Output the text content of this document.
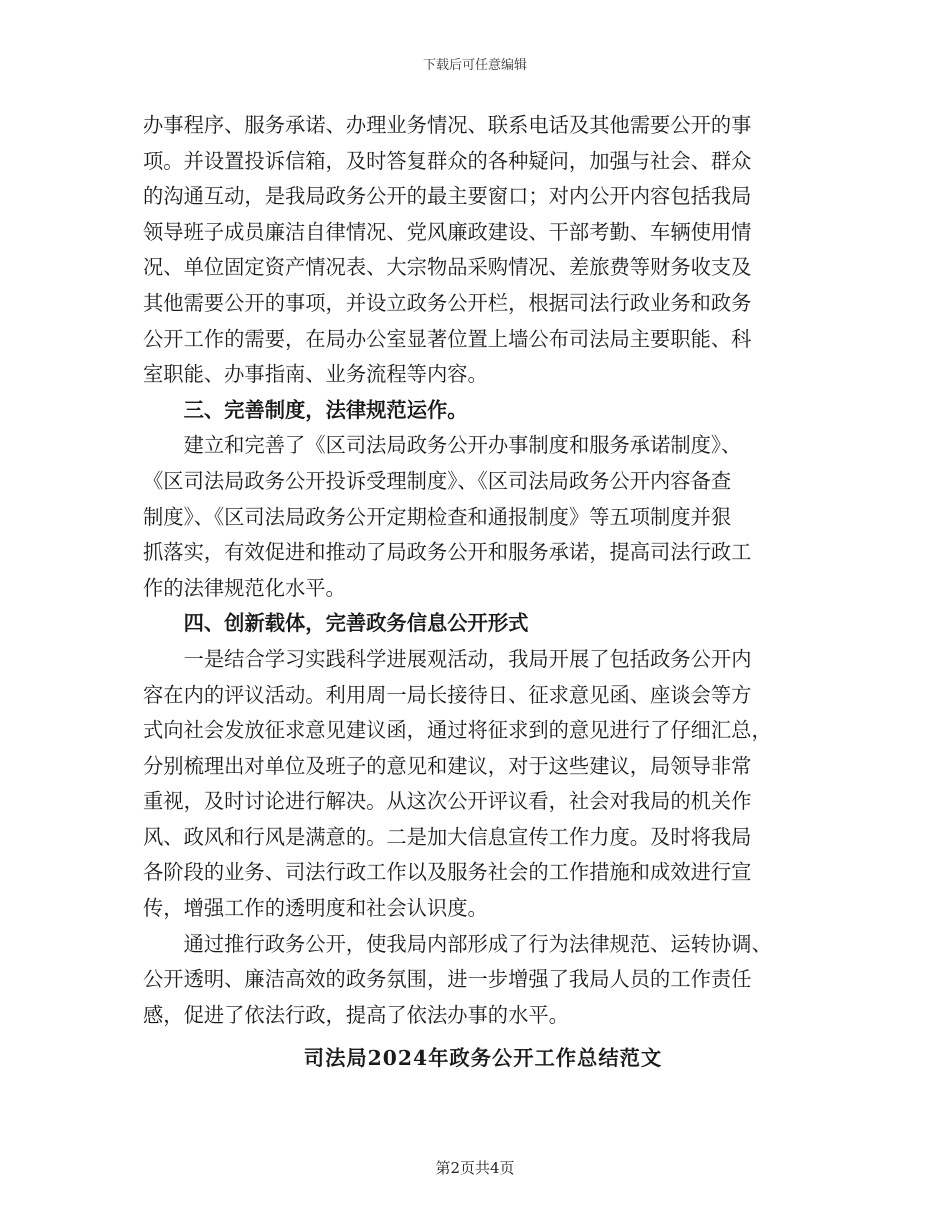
下载后可任意编辑
办事程序、服务承诺、办理业务情况、联系电话及其他需要公开的事
项。并设置投诉信箱，及时答复群众的各种疑问，加强与社会、群众
的沟通互动，是我局政务公开的最主要窗口；对内公开内容包括我局
领导班子成员廉洁自律情况、党风廉政建设、干部考勤、车辆使用情
况、单位固定资产情况表、大宗物品采购情况、差旅费等财务收支及
其他需要公开的事项，并设立政务公开栏，根据司法行政业务和政务
公开工作的需要，在局办公室显著位置上墙公布司法局主要职能、科
室职能、办事指南、业务流程等内容。
三、完善制度，法律规范运作。
建立和完善了《区司法局政务公开办事制度和服务承诺制度》、
《区司法局政务公开投诉受理制度》、《区司法局政务公开内容备查
制度》、《区司法局政务公开定期检查和通报制度》等五项制度并狠
抓落实，有效促进和推动了局政务公开和服务承诺，提高司法行政工
作的法律规范化水平。
四、创新载体，完善政务信息公开形式
一是结合学习实践科学进展观活动，我局开展了包括政务公开内
容在内的评议活动。利用周一局长接待日、征求意见函、座谈会等方
式向社会发放征求意见建议函，通过将征求到的意见进行了仔细汇总，
分别梳理出对单位及班子的意见和建议，对于这些建议，局领导非常
重视，及时讨论进行解决。从这次公开评议看，社会对我局的机关作
风、政风和行风是满意的。二是加大信息宣传工作力度。及时将我局
各阶段的业务、司法行政工作以及服务社会的工作措施和成效进行宣
传，增强工作的透明度和社会认识度。
通过推行政务公开，使我局内部形成了行为法律规范、运转协调、
公开透明、廉洁高效的政务氛围，进一步增强了我局人员的工作责任
感，促进了依法行政，提高了依法办事的水平。
司法局2024年政务公开工作总结范文
第2页共4页
